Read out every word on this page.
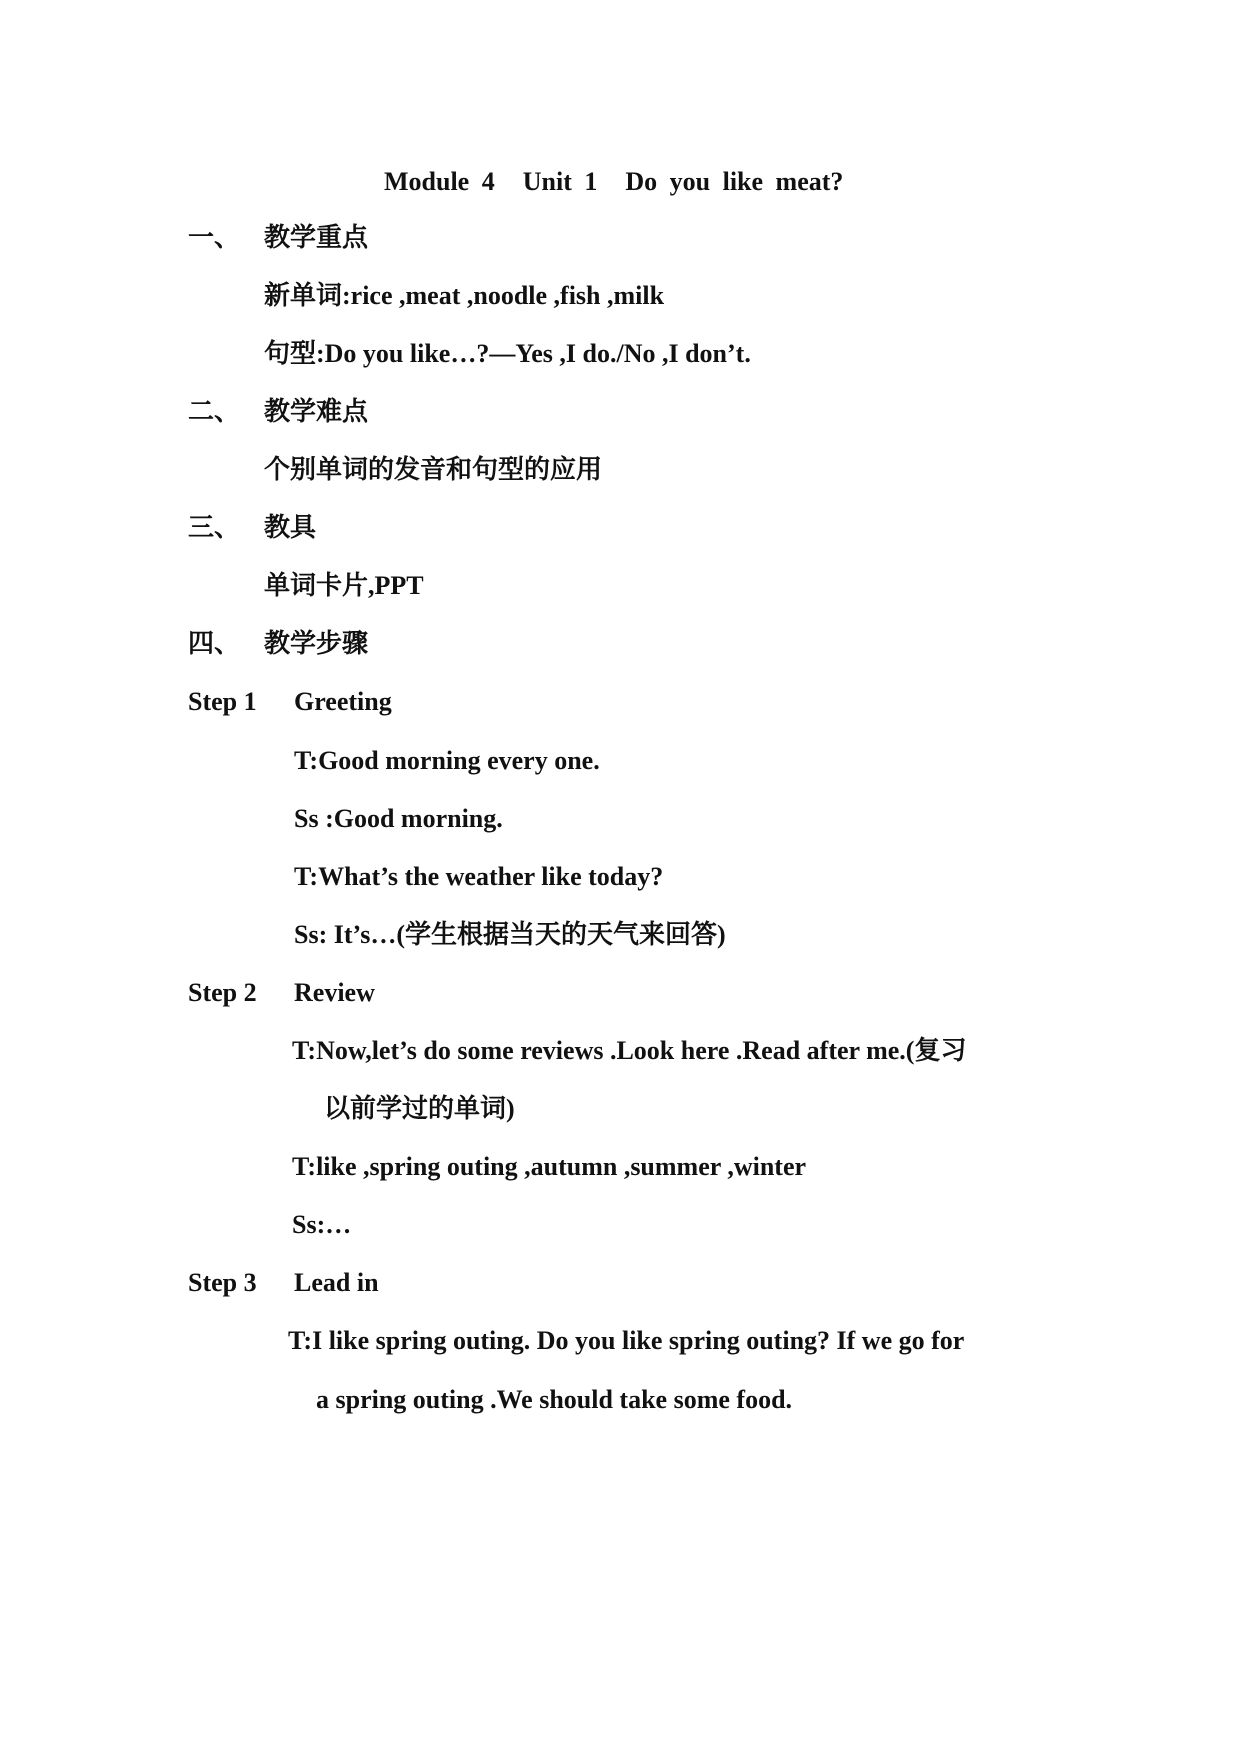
Module 4 Unit 1 Do you like meat?
一、 教学重点
新单词:rice ,meat ,noodle ,fish ,milk
句型:Do you like…?—Yes ,I do./No ,I don’t.
二、 教学难点
个别单词的发音和句型的应用
三、 教具
单词卡片,PPT
四、 教学步骤
Step 1 Greeting
T:Good morning every one.
Ss :Good morning.
T:What’s the weather like today?
Ss: It’s…(学生根据当天的天气来回答)
Step 2 Review
T:Now,let’s do some reviews .Look here .Read after me.(复习
以前学过的单词)
T:like ,spring outing ,autumn ,summer ,winter
Ss:…
Step 3 Lead in
T:I like spring outing. Do you like spring outing? If we go for
a spring outing .We should take some food.
